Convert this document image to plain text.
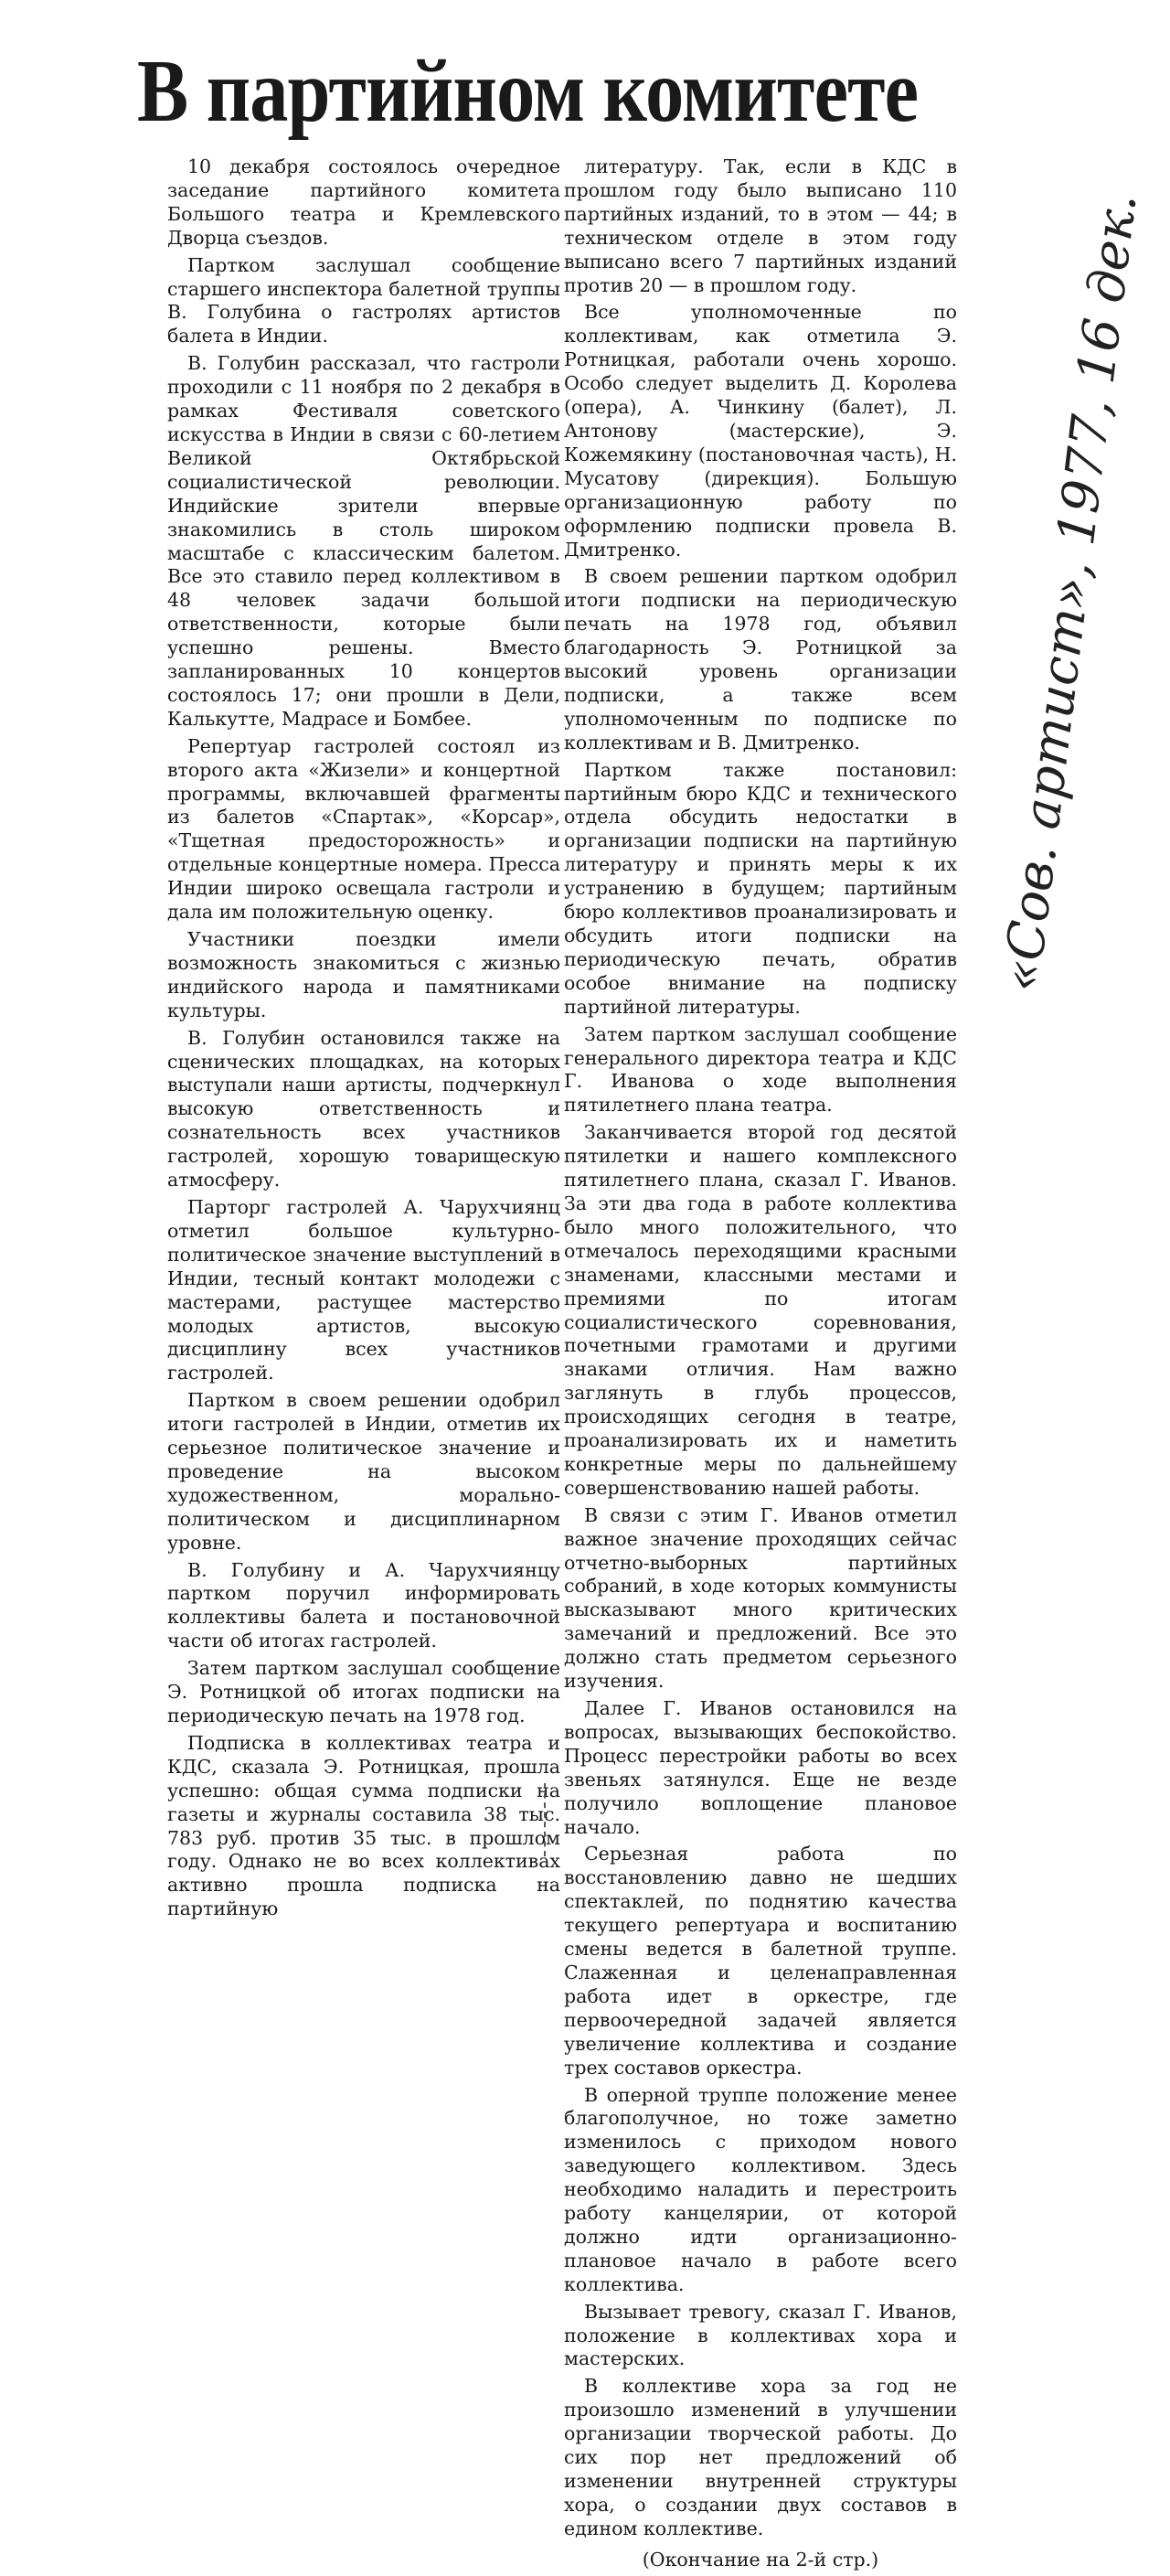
В партийном комитете

10 декабря состоялось очередное заседание партийного комитета Большого театра и Кремлевского Дворца съездов.

Партком заслушал сообщение старшего инспектора балетной труппы В. Голубина о гастролях артистов балета в Индии.

В. Голубин рассказал, что гастроли проходили с 11 ноября по 2 декабря в рамках Фестиваля советского искусства в Индии в связи с 60-летием Великой Октябрьской социалистической революции. Индийские зрители впервые знакомились в столь широком масштабе с классическим балетом. Все это ставило перед коллективом в 48 человек задачи большой ответственности, которые были успешно решены. Вместо запланированных 10 концертов состоялось 17; они прошли в Дели, Калькутте, Мадрасе и Бомбее.

Репертуар гастролей состоял из второго акта «Жизели» и концертной программы, включавшей фрагменты из балетов «Спартак», «Корсар», «Тщетная предосторожность» и отдельные концертные номера. Пресса Индии широко освещала гастроли и дала им положительную оценку.

Участники поездки имели возможность знакомиться с жизнью индийского народа и памятниками культуры.

В. Голубин остановился также на сценических площадках, на которых выступали наши артисты, подчеркнул высокую ответственность и сознательность всех участников гастролей, хорошую товарищескую атмосферу.

Парторг гастролей А. Чарухчиянц отметил большое культурно-политическое значение выступлений в Индии, тесный контакт молодежи с мастерами, растущее мастерство молодых артистов, высокую дисциплину всех участников гастролей.

Партком в своем решении одобрил итоги гастролей в Индии, отметив их серьезное политическое значение и проведение на высоком художественном, морально-политическом и дисциплинарном уровне.

В. Голубину и А. Чарухчиянцу партком поручил информировать коллективы балета и постановочной части об итогах гастролей.

Затем партком заслушал сообщение Э. Ротницкой об итогах подписки на периодическую печать на 1978 год.

Подписка в коллективах театра и КДС, сказала Э. Ротницкая, прошла успешно: общая сумма подписки на газеты и журналы составила 38 тыс. 783 руб. против 35 тыс. в прошлом году. Однако не во всех коллективах активно прошла подписка на партийную

литературу. Так, если в КДС в прошлом году было выписано 110 партийных изданий, то в этом — 44; в техническом отделе в этом году выписано всего 7 партийных изданий против 20 — в прошлом году.

Все уполномоченные по коллективам, как отметила Э. Ротницкая, работали очень хорошо. Особо следует выделить Д. Королева (опера), А. Чинкину (балет), Л. Антонову (мастерские), Э. Кожемякину (постановочная часть), Н. Мусатову (дирекция). Большую организационную работу по оформлению подписки провела В. Дмитренко.

В своем решении партком одобрил итоги подписки на периодическую печать на 1978 год, объявил благодарность Э. Ротницкой за высокий уровень организации подписки, а также всем уполномоченным по подписке по коллективам и В. Дмитренко.

Партком также постановил: партийным бюро КДС и технического отдела обсудить недостатки в организации подписки на партийную литературу и принять меры к их устранению в будущем; партийным бюро коллективов проанализировать и обсудить итоги подписки на периодическую печать, обратив особое внимание на подписку партийной литературы.

Затем партком заслушал сообщение генерального директора театра и КДС Г. Иванова о ходе выполнения пятилетнего плана театра.

Заканчивается второй год десятой пятилетки и нашего комплексного пятилетнего плана, сказал Г. Иванов. За эти два года в работе коллектива было много положительного, что отмечалось переходящими красными знаменами, классными местами и премиями по итогам социалистического соревнования, почетными грамотами и другими знаками отличия. Нам важно заглянуть в глубь процессов, происходящих сегодня в театре, проанализировать их и наметить конкретные меры по дальнейшему совершенствованию нашей работы.

В связи с этим Г. Иванов отметил важное значение проходящих сейчас отчетно-выборных партийных собраний, в ходе которых коммунисты высказывают много критических замечаний и предложений. Все это должно стать предметом серьезного изучения.

Далее Г. Иванов остановился на вопросах, вызывающих беспокойство. Процесс перестройки работы во всех звеньях затянулся. Еще не везде получило воплощение плановое начало.

Серьезная работа по восстановлению давно не шедших спектаклей, по поднятию качества текущего репертуара и воспитанию смены ведется в балетной труппе. Слаженная и целенаправленная работа идет в оркестре, где первоочередной задачей является увеличение коллектива и создание трех составов оркестра.

В оперной труппе положение менее благополучное, но тоже заметно изменилось с приходом нового заведующего коллективом. Здесь необходимо наладить и перестроить работу канцелярии, от которой должно идти организационно-плановое начало в работе всего коллектива.

Вызывает тревогу, сказал Г. Иванов, положение в коллективах хора и мастерских.

В коллективе хора за год не произошло изменений в улучшении организации творческой работы. До сих пор нет предложений об изменении внутренней структуры хора, о создании двух составов в едином коллективе.

(Окончание на 2-й стр.)

«Сов. артист», 1977, 16 дек.
